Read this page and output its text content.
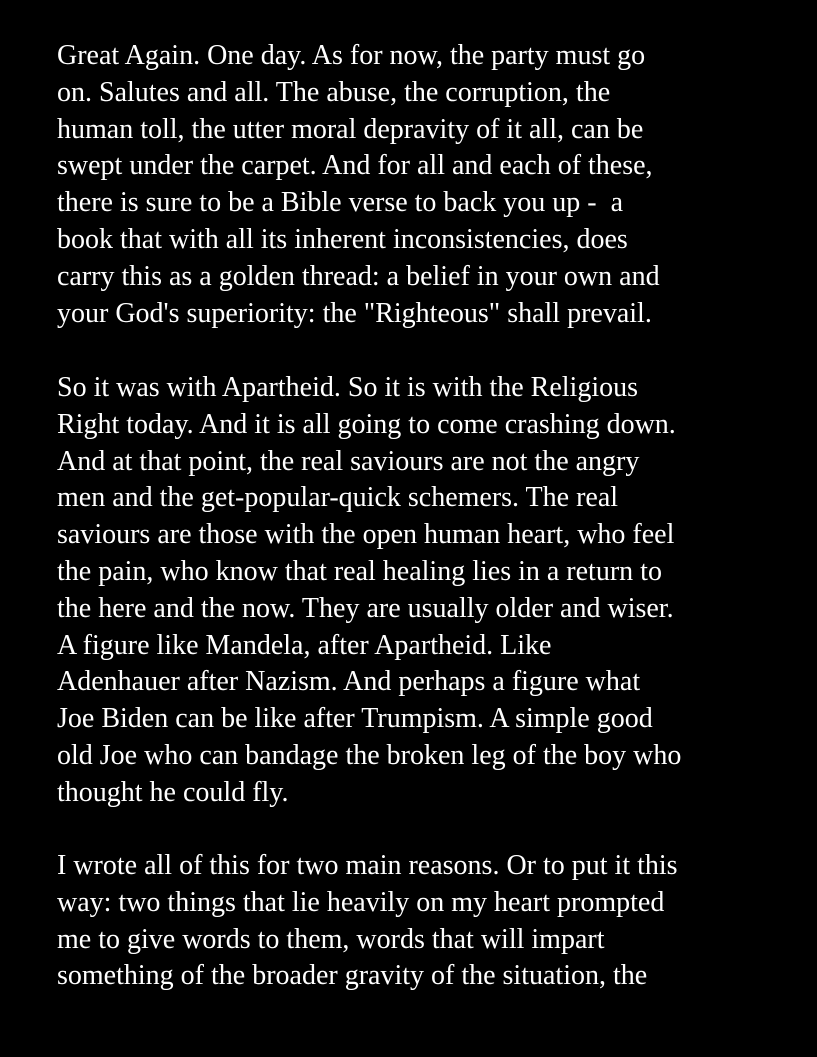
Great Again. One day. As for now, the party must go
on. Salutes and all. The abuse, the corruption, the
human toll, the utter moral depravity of it all, can be
swept under the carpet. And for all and each of these,
there is sure to be a Bible verse to back you up -  a
book that with all its inherent inconsistencies, does
carry this as a golden thread: a belief in your own and
your God's superiority: the "Righteous" shall prevail.

So it was with Apartheid. So it is with the Religious
Right today. And it is all going to come crashing down.
And at that point, the real saviours are not the angry
men and the get-popular-quick schemers. The real
saviours are those with the open human heart, who feel
the pain, who know that real healing lies in a return to
the here and the now. They are usually older and wiser.
A figure like Mandela, after Apartheid. Like
Adenhauer after Nazism. And perhaps a figure what
Joe Biden can be like after Trumpism. A simple good
old Joe who can bandage the broken leg of the boy who
thought he could fly.

I wrote all of this for two main reasons. Or to put it this
way: two things that lie heavily on my heart prompted
me to give words to them, words that will impart
something of the broader gravity of the situation, the
